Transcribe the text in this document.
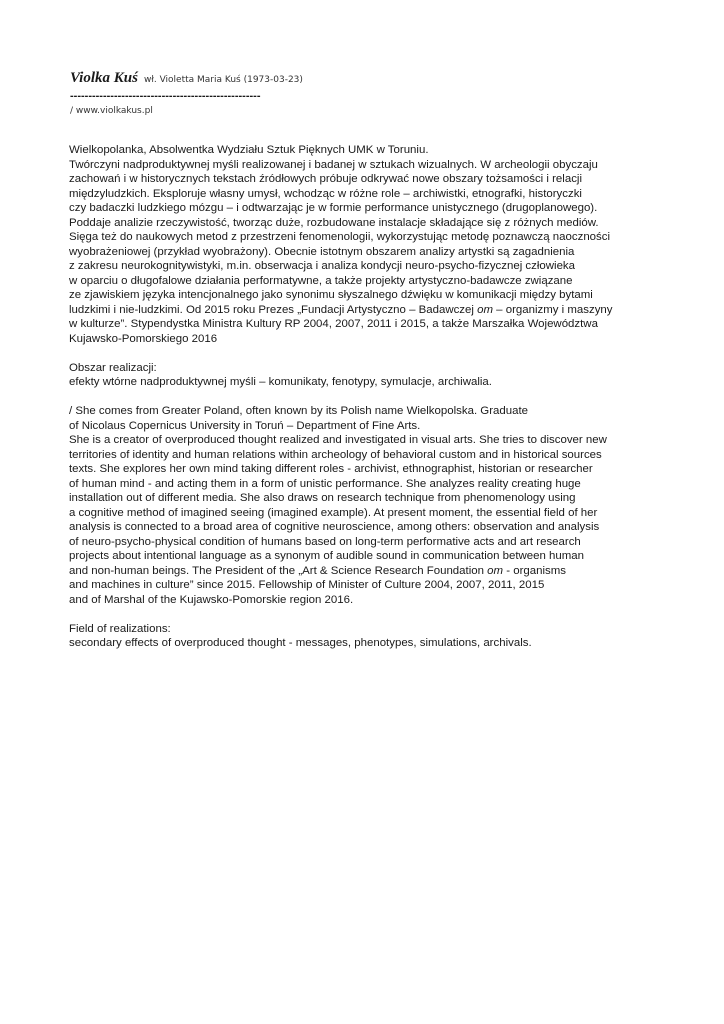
Violka Kuś wł. Violetta Maria Kuś (1973-03-23)
----------------------------------------------------
/ www.violkakus.pl
Wielkopolanka, Absolwentka Wydziału Sztuk Pięknych UMK w Toruniu.
Twórczyni nadproduktywnej myśli realizowanej i badanej w sztukach wizualnych. W archeologii obyczaju
zachowań i w historycznych tekstach źródłowych próbuje odkrywać nowe obszary tożsamości i relacji
międzyludzkich. Eksploruje własny umysł, wchodząc w różne role – archiwistki, etnografki, historyczki
czy badaczki ludzkiego mózgu – i odtwarzając je w formie performance unistycznego (drugoplanowego).
Poddaje analizie rzeczywistość, tworząc duże, rozbudowane instalacje składające się z różnych mediów.
Sięga też do naukowych metod z przestrzeni fenomenologii, wykorzystując metodę poznawczą naoczności
wyobrażeniowej (przykład wyobrażony). Obecnie istotnym obszarem analizy artystki są zagadnienia
z zakresu neurokognitywistyki, m.in. obserwacja i analiza kondycji neuro-psycho-fizycznej człowieka
w oparciu o długofalowe działania performatywne, a także projekty artystyczno-badawcze związane
ze zjawiskiem języka intencjonalnego jako synonimu słyszalnego dźwięku w komunikacji między bytami
ludzkimi i nie-ludzkimi. Od 2015 roku Prezes „Fundacji Artystyczno – Badawczej om – organizmy i maszyny
w kulturze”. Stypendystka Ministra Kultury RP 2004, 2007, 2011 i 2015, a także Marszałka Województwa
Kujawsko-Pomorskiego 2016
Obszar realizacji:
efekty wtórne nadproduktywnej myśli – komunikaty, fenotypy, symulacje, archiwalia.
/ She comes from Greater Poland, often known by its Polish name Wielkopolska. Graduate
of Nicolaus Copernicus University in Toruń – Department of Fine Arts.
She is a creator of overproduced thought realized and investigated in visual arts. She tries to discover new
territories of identity and human relations within archeology of behavioral custom and in historical sources
texts. She explores her own mind taking different roles - archivist, ethnographist, historian or researcher
of human mind - and acting them in a form of unistic performance. She analyzes reality creating huge
installation out of different media. She also draws on research technique from phenomenology using
a cognitive method of imagined seeing (imagined example). At present moment, the essential field of her
analysis is connected to a broad area of cognitive neuroscience, among others: observation and analysis
of neuro-psycho-physical condition of humans based on long-term performative acts and art research
projects about intentional language as a synonym of audible sound in communication between human
and non-human beings. The President of the „Art & Science Research Foundation om - organisms
and machines in culture” since 2015. Fellowship of Minister of Culture 2004, 2007, 2011, 2015
and of Marshal of the Kujawsko-Pomorskie region 2016.
Field of realizations:
secondary effects of overproduced thought - messages, phenotypes, simulations, archivals.
